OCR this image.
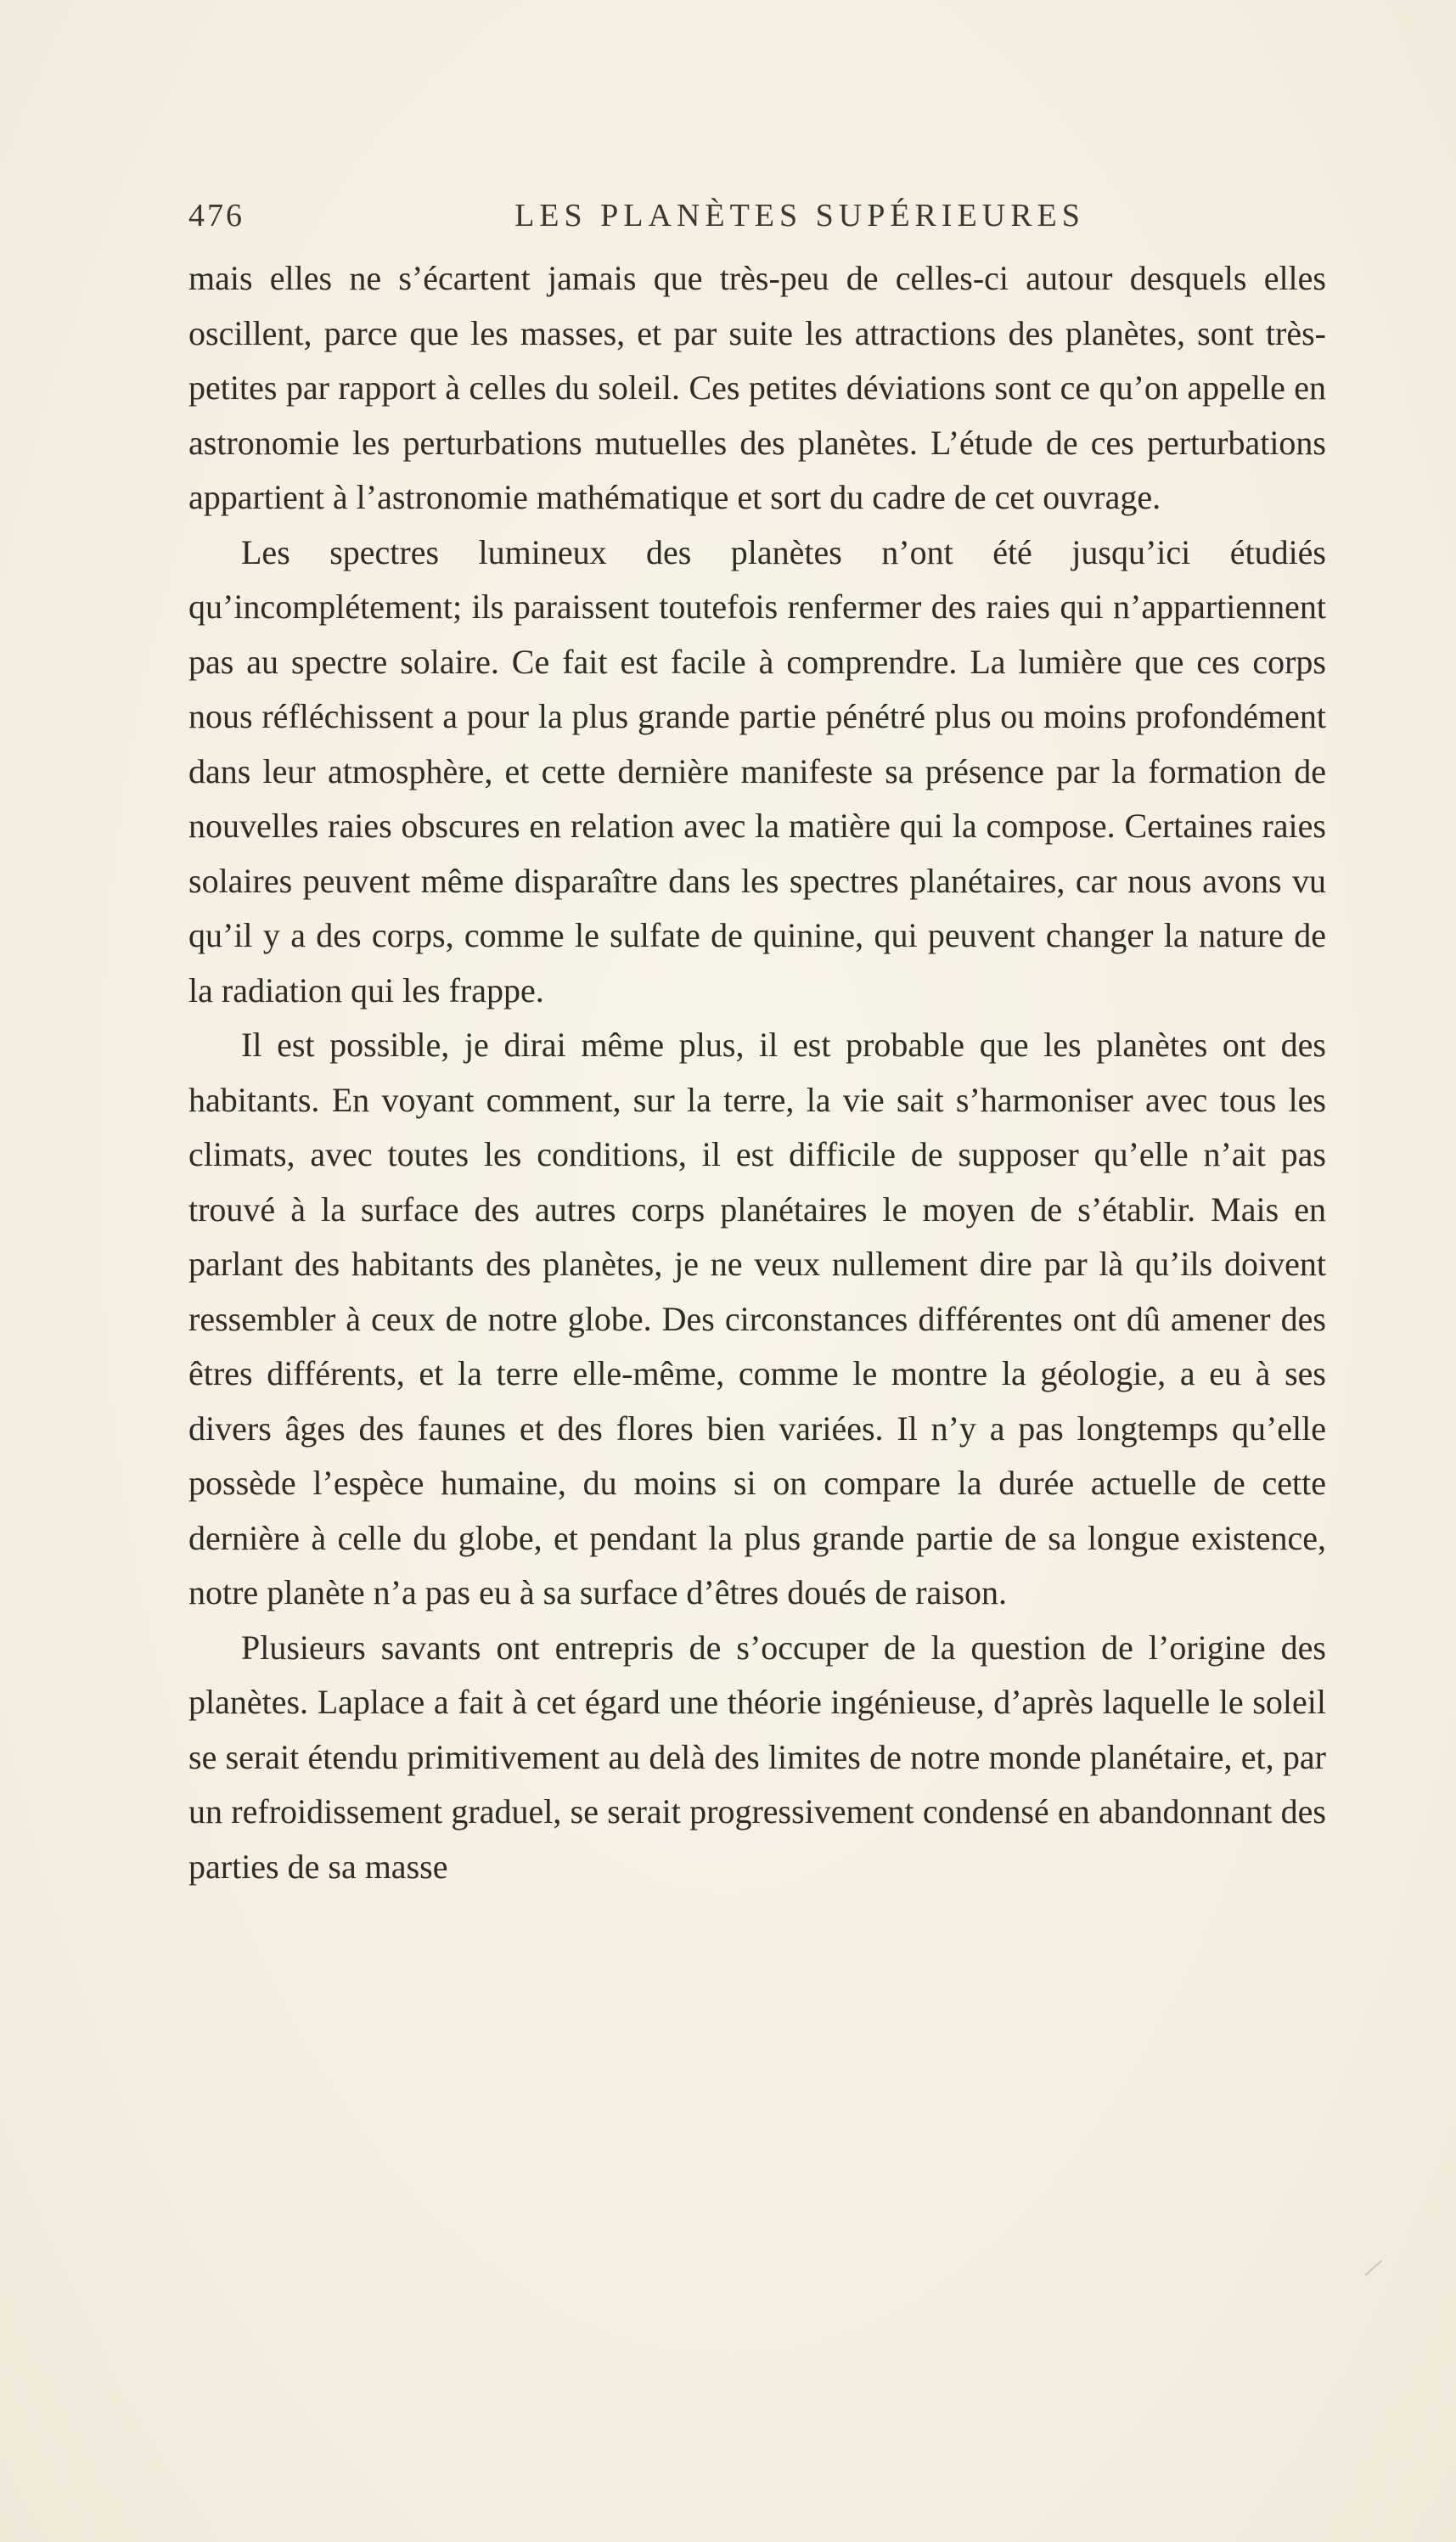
476	LES PLANÈTES SUPÉRIEURES

mais elles ne s’écartent jamais que très-peu de celles-ci autour desquels elles oscillent, parce que les masses, et par suite les attractions des planètes, sont très-petites par rapport à celles du soleil. Ces petites déviations sont ce qu’on appelle en astronomie les perturbations mutuelles des planètes. L’étude de ces perturbations appartient à l’astronomie mathématique et sort du cadre de cet ouvrage.

Les spectres lumineux des planètes n’ont été jusqu’ici étudiés qu’incomplétement; ils paraissent toutefois renfermer des raies qui n’appartiennent pas au spectre solaire. Ce fait est facile à comprendre. La lumière que ces corps nous réfléchissent a pour la plus grande partie pénétré plus ou moins profondément dans leur atmosphère, et cette dernière manifeste sa présence par la formation de nouvelles raies obscures en relation avec la matière qui la compose. Certaines raies solaires peuvent même disparaître dans les spectres planétaires, car nous avons vu qu’il y a des corps, comme le sulfate de quinine, qui peuvent changer la nature de la radiation qui les frappe.

Il est possible, je dirai même plus, il est probable que les planètes ont des habitants. En voyant comment, sur la terre, la vie sait s’harmoniser avec tous les climats, avec toutes les conditions, il est difficile de supposer qu’elle n’ait pas trouvé à la surface des autres corps planétaires le moyen de s’établir. Mais en parlant des habitants des planètes, je ne veux nullement dire par là qu’ils doivent ressembler à ceux de notre globe. Des circonstances différentes ont dû amener des êtres différents, et la terre elle-même, comme le montre la géologie, a eu à ses divers âges des faunes et des flores bien variées. Il n’y a pas longtemps qu’elle possède l’espèce humaine, du moins si on compare la durée actuelle de cette dernière à celle du globe, et pendant la plus grande partie de sa longue existence, notre planète n’a pas eu à sa surface d’êtres doués de raison.

Plusieurs savants ont entrepris de s’occuper de la question de l’origine des planètes. Laplace a fait à cet égard une théorie ingénieuse, d’après laquelle le soleil se serait étendu primitivement au delà des limites de notre monde planétaire, et, par un refroidissement graduel, se serait progressivement condensé en abandonnant des parties de sa masse
